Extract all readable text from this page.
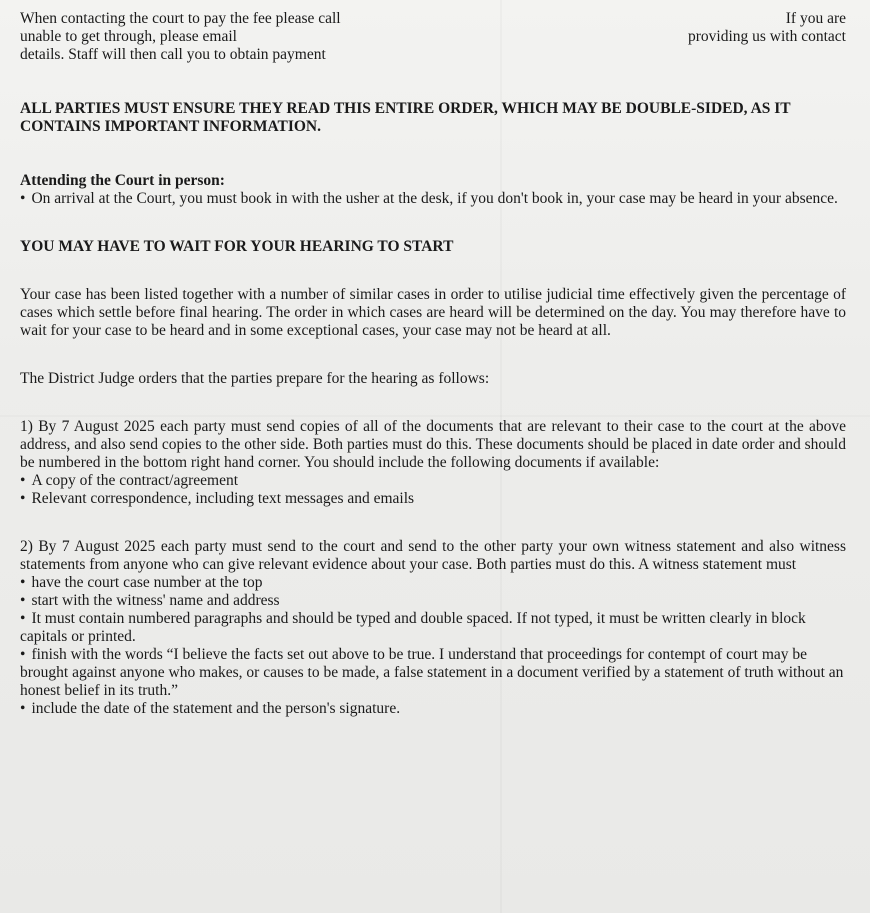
When contacting the court to pay the fee please call

unable to get through, please email

details. Staff will then call you to obtain payment

If you are

providing us with contact

ALL PARTIES MUST ENSURE THEY READ THIS ENTIRE ORDER, WHICH MAY BE DOUBLE-SIDED, AS IT CONTAINS IMPORTANT INFORMATION.

Attending the Court in person:

• On arrival at the Court, you must book in with the usher at the desk, if you don't book in, your case may be heard in your absence.

YOU MAY HAVE TO WAIT FOR YOUR HEARING TO START

Your case has been listed together with a number of similar cases in order to utilise judicial time effectively given the percentage of cases which settle before final hearing. The order in which cases are heard will be determined on the day. You may therefore have to wait for your case to be heard and in some exceptional cases, your case may not be heard at all.

The District Judge orders that the parties prepare for the hearing as follows:

1) By 7 August 2025 each party must send copies of all of the documents that are relevant to their case to the court at the above address, and also send copies to the other side. Both parties must do this. These documents should be placed in date order and should be numbered in the bottom right hand corner. You should include the following documents if available:

• A copy of the contract/agreement
• Relevant correspondence, including text messages and emails

2) By 7 August 2025 each party must send to the court and send to the other party your own witness statement and also witness statements from anyone who can give relevant evidence about your case. Both parties must do this. A witness statement must

• have the court case number at the top
• start with the witness' name and address
• It must contain numbered paragraphs and should be typed and double spaced. If not typed, it must be written clearly in block capitals or printed.
• finish with the words “I believe the facts set out above to be true. I understand that proceedings for contempt of court may be brought against anyone who makes, or causes to be made, a false statement in a document verified by a statement of truth without an honest belief in its truth.”
• include the date of the statement and the person's signature.
